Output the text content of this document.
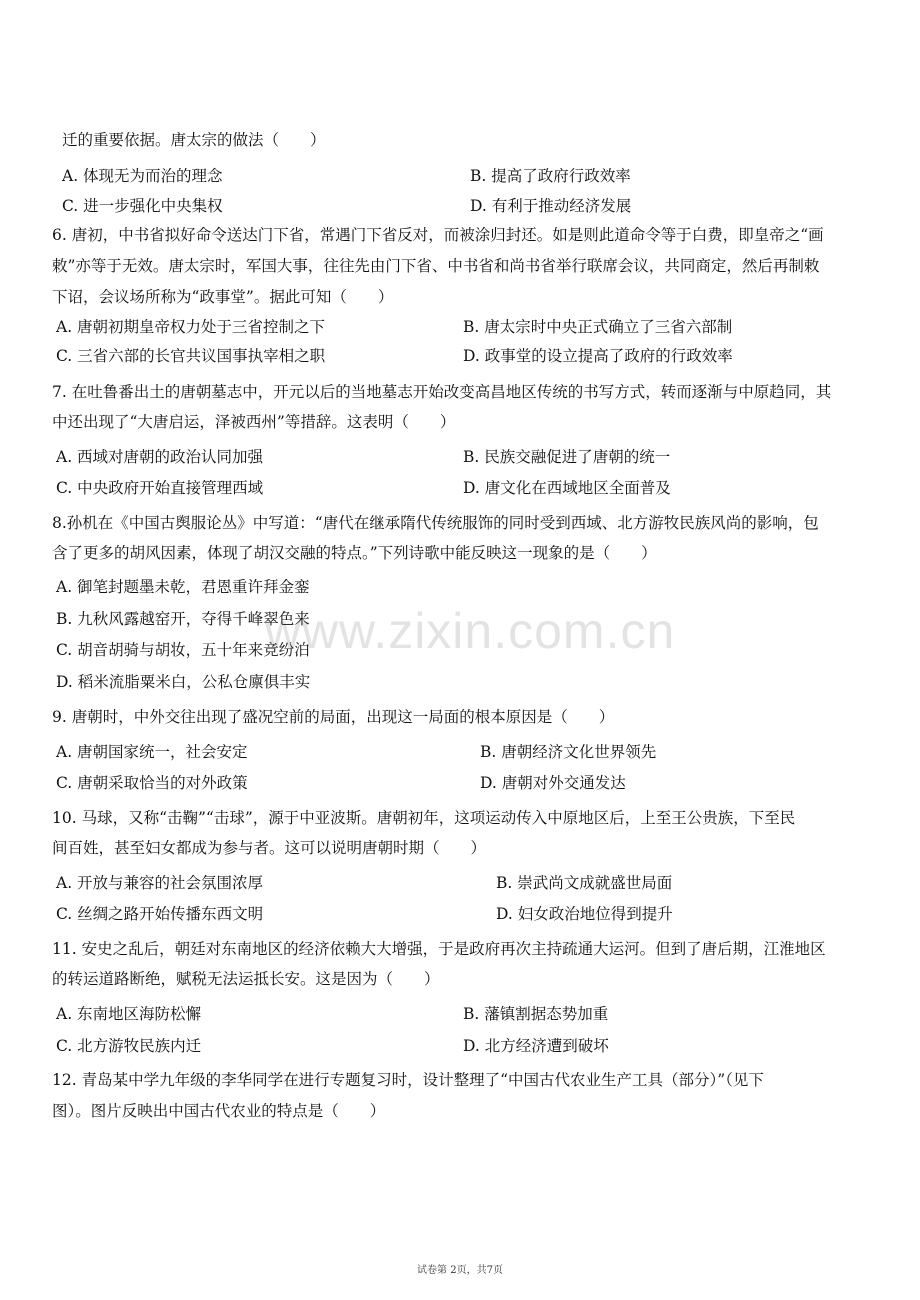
www.zixin.com.cn
迁的重要依据。唐太宗的做法（　　）
A. 体现无为而治的理念	B. 提高了政府行政效率
C. 进一步强化中央集权	D. 有利于推动经济发展
6. 唐初，中书省拟好命令送达门下省，常遇门下省反对，而被涂归封还。如是则此道命令等于白费，即皇帝之“画
敕”亦等于无效。唐太宗时，军国大事，往往先由门下省、中书省和尚书省举行联席会议，共同商定，然后再制敕
下诏，会议场所称为“政事堂”。据此可知（　　）
A. 唐朝初期皇帝权力处于三省控制之下	B. 唐太宗时中央正式确立了三省六部制
C. 三省六部的长官共议国事执宰相之职	D. 政事堂的设立提高了政府的行政效率
7. 在吐鲁番出土的唐朝墓志中，开元以后的当地墓志开始改变高昌地区传统的书写方式，转而逐渐与中原趋同，其
中还出现了“大唐启运，泽被西州”等措辞。这表明（　　）
A. 西域对唐朝的政治认同加强	B. 民族交融促进了唐朝的统一
C. 中央政府开始直接管理西域	D. 唐文化在西域地区全面普及
8.孙机在《中国古舆服论丛》中写道：“唐代在继承隋代传统服饰的同时受到西域、北方游牧民族风尚的影响，包
含了更多的胡风因素，体现了胡汉交融的特点。”下列诗歌中能反映这一现象的是（　　）
A. 御笔封题墨未乾，君恩重许拜金銮
B. 九秋风露越窑开，夺得千峰翠色来
C. 胡音胡骑与胡妆，五十年来竞纷泊
D. 稻米流脂粟米白，公私仓廪俱丰实
9. 唐朝时，中外交往出现了盛况空前的局面，出现这一局面的根本原因是（　　）
A. 唐朝国家统一，社会安定	B. 唐朝经济文化世界领先
C. 唐朝采取恰当的对外政策	D. 唐朝对外交通发达
10. 马球，又称“击鞠”“击球”，源于中亚波斯。唐朝初年，这项运动传入中原地区后，上至王公贵族，下至民
间百姓，甚至妇女都成为参与者。这可以说明唐朝时期（　　）
A. 开放与兼容的社会氛围浓厚	B. 崇武尚文成就盛世局面
C. 丝绸之路开始传播东西文明	D. 妇女政治地位得到提升
11. 安史之乱后，朝廷对东南地区的经济依赖大大增强，于是政府再次主持疏通大运河。但到了唐后期，江淮地区
的转运道路断绝，赋税无法运抵长安。这是因为（　　）
A. 东南地区海防松懈	B. 藩镇割据态势加重
C. 北方游牧民族内迁	D. 北方经济遭到破坏
12. 青岛某中学九年级的李华同学在进行专题复习时，设计整理了“中国古代农业生产工具（部分）”（见下
图）。图片反映出中国古代农业的特点是（　　）
试卷第 2页，共7页
